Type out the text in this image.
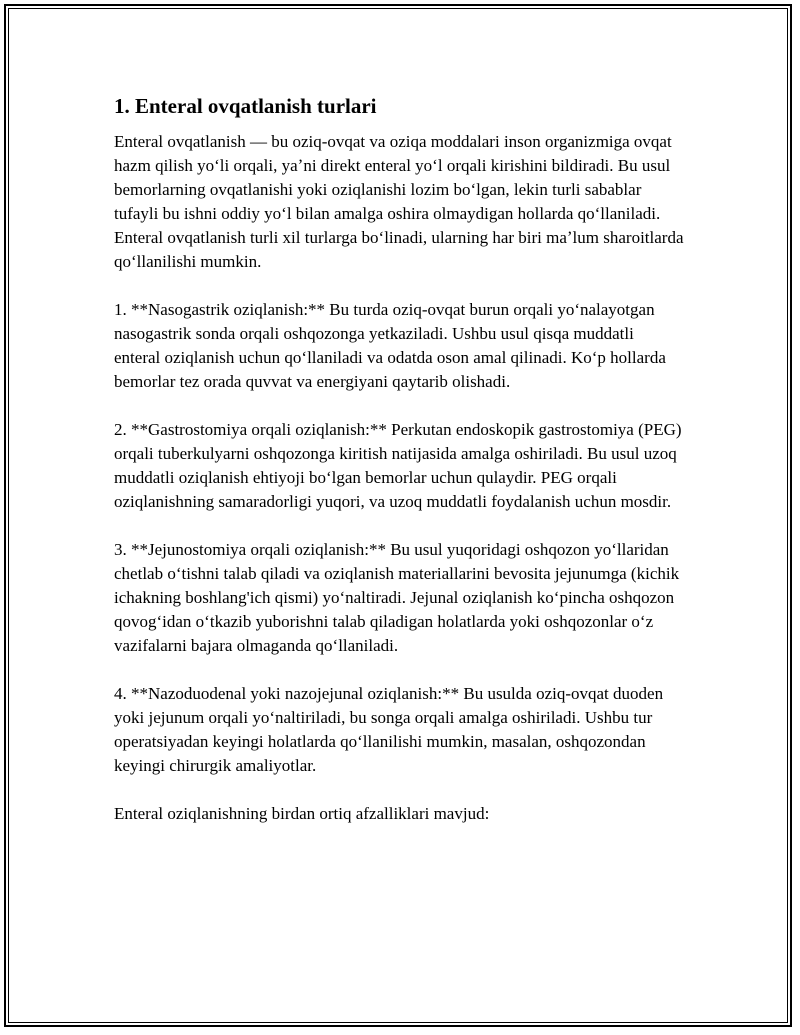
1. Enteral ovqatlanish turlari

Enteral ovqatlanish — bu oziq-ovqat va oziqa moddalari inson organizmiga ovqat hazm qilish yoʻli orqali, yaʼni direkt enteral yoʻl orqali kirishini bildiradi. Bu usul bemorlarning ovqatlanishi yoki oziqlanishi lozim boʻlgan, lekin turli sabablar tufayli bu ishni oddiy yoʻl bilan amalga oshira olmaydigan hollarda qoʻllaniladi. Enteral ovqatlanish turli xil turlarga boʻlinadi, ularning har biri maʼlum sharoitlarda qoʻllanilishi mumkin.

1. **Nasogastrik oziqlanish:** Bu turda oziq-ovqat burun orqali yoʻnalayotgan nasogastrik sonda orqali oshqozonga yetkaziladi. Ushbu usul qisqa muddatli enteral oziqlanish uchun qoʻllaniladi va odatda oson amal qilinadi. Koʻp hollarda bemorlar tez orada quvvat va energiyani qaytarib olishadi.

2. **Gastrostomiya orqali oziqlanish:** Perkutan endoskopik gastrostomiya (PEG) orqali tuberkulyarni oshqozonga kiritish natijasida amalga oshiriladi. Bu usul uzoq muddatli oziqlanish ehtiyoji boʻlgan bemorlar uchun qulaydir. PEG orqali oziqlanishning samaradorligi yuqori, va uzoq muddatli foydalanish uchun mosdir.

3. **Jejunostomiya orqali oziqlanish:** Bu usul yuqoridagi oshqozon yoʻllaridan chetlab oʻtishni talab qiladi va oziqlanish materiallarini bevosita jejunumga (kichik ichakning boshlang'ich qismi) yoʻnaltiradi. Jejunal oziqlanish koʻpincha oshqozon qovogʻidan oʻtkazib yuborishni talab qiladigan holatlarda yoki oshqozonlar oʻz vazifalarni bajara olmaganda qoʻllaniladi.

4. **Nazoduodenal yoki nazojejunal oziqlanish:** Bu usulda oziq-ovqat duoden yoki jejunum orqali yoʻnaltiriladi, bu songa orqali amalga oshiriladi. Ushbu tur operatsiyadan keyingi holatlarda qoʻllanilishi mumkin, masalan, oshqozondan keyingi chirurgik amaliyotlar.

Enteral oziqlanishning birdan ortiq afzalliklari mavjud:
